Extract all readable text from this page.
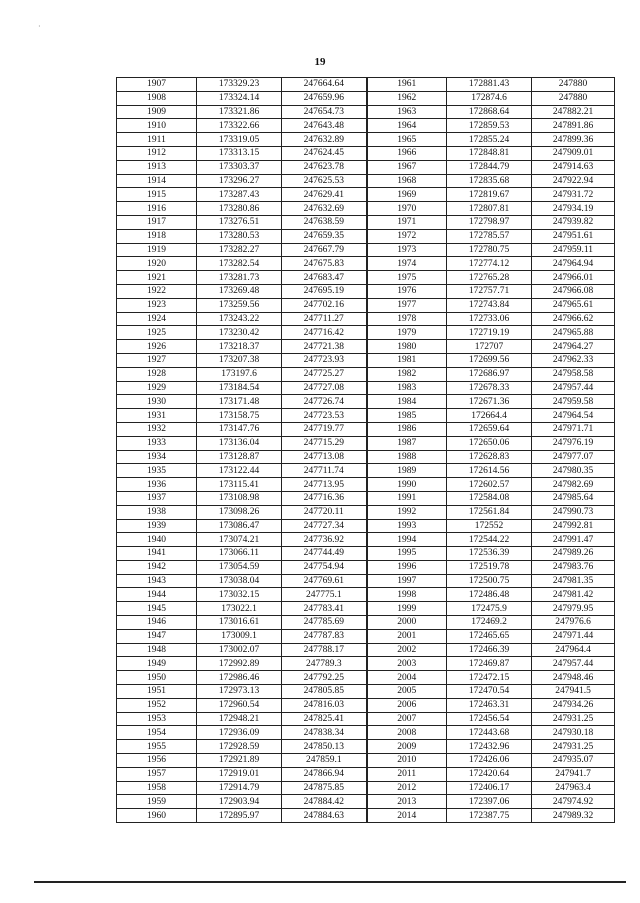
·
19
1907	173329.23	247664.64	1961	172881.43	247880
1908	173324.14	247659.96	1962	172874.6	247880
1909	173321.86	247654.73	1963	172868.64	247882.21
1910	173322.66	247643.48	1964	172859.53	247891.86
1911	173319.05	247632.89	1965	172855.24	247899.36
1912	173313.15	247624.45	1966	172848.81	247909.01
1913	173303.37	247623.78	1967	172844.79	247914.63
1914	173296.27	247625.53	1968	172835.68	247922.94
1915	173287.43	247629.41	1969	172819.67	247931.72
1916	173280.86	247632.69	1970	172807.81	247934.19
1917	173276.51	247638.59	1971	172798.97	247939.82
1918	173280.53	247659.35	1972	172785.57	247951.61
1919	173282.27	247667.79	1973	172780.75	247959.11
1920	173282.54	247675.83	1974	172774.12	247964.94
1921	173281.73	247683.47	1975	172765.28	247966.01
1922	173269.48	247695.19	1976	172757.71	247966.08
1923	173259.56	247702.16	1977	172743.84	247965.61
1924	173243.22	247711.27	1978	172733.06	247966.62
1925	173230.42	247716.42	1979	172719.19	247965.88
1926	173218.37	247721.38	1980	172707	247964.27
1927	173207.38	247723.93	1981	172699.56	247962.33
1928	173197.6	247725.27	1982	172686.97	247958.58
1929	173184.54	247727.08	1983	172678.33	247957.44
1930	173171.48	247726.74	1984	172671.36	247959.58
1931	173158.75	247723.53	1985	172664.4	247964.54
1932	173147.76	247719.77	1986	172659.64	247971.71
1933	173136.04	247715.29	1987	172650.06	247976.19
1934	173128.87	247713.08	1988	172628.83	247977.07
1935	173122.44	247711.74	1989	172614.56	247980.35
1936	173115.41	247713.95	1990	172602.57	247982.69
1937	173108.98	247716.36	1991	172584.08	247985.64
1938	173098.26	247720.11	1992	172561.84	247990.73
1939	173086.47	247727.34	1993	172552	247992.81
1940	173074.21	247736.92	1994	172544.22	247991.47
1941	173066.11	247744.49	1995	172536.39	247989.26
1942	173054.59	247754.94	1996	172519.78	247983.76
1943	173038.04	247769.61	1997	172500.75	247981.35
1944	173032.15	247775.1	1998	172486.48	247981.42
1945	173022.1	247783.41	1999	172475.9	247979.95
1946	173016.61	247785.69	2000	172469.2	247976.6
1947	173009.1	247787.83	2001	172465.65	247971.44
1948	173002.07	247788.17	2002	172466.39	247964.4
1949	172992.89	247789.3	2003	172469.87	247957.44
1950	172986.46	247792.25	2004	172472.15	247948.46
1951	172973.13	247805.85	2005	172470.54	247941.5
1952	172960.54	247816.03	2006	172463.31	247934.26
1953	172948.21	247825.41	2007	172456.54	247931.25
1954	172936.09	247838.34	2008	172443.68	247930.18
1955	172928.59	247850.13	2009	172432.96	247931.25
1956	172921.89	247859.1	2010	172426.06	247935.07
1957	172919.01	247866.94	2011	172420.64	247941.7
1958	172914.79	247875.85	2012	172406.17	247963.4
1959	172903.94	247884.42	2013	172397.06	247974.92
1960	172895.97	247884.63	2014	172387.75	247989.32
